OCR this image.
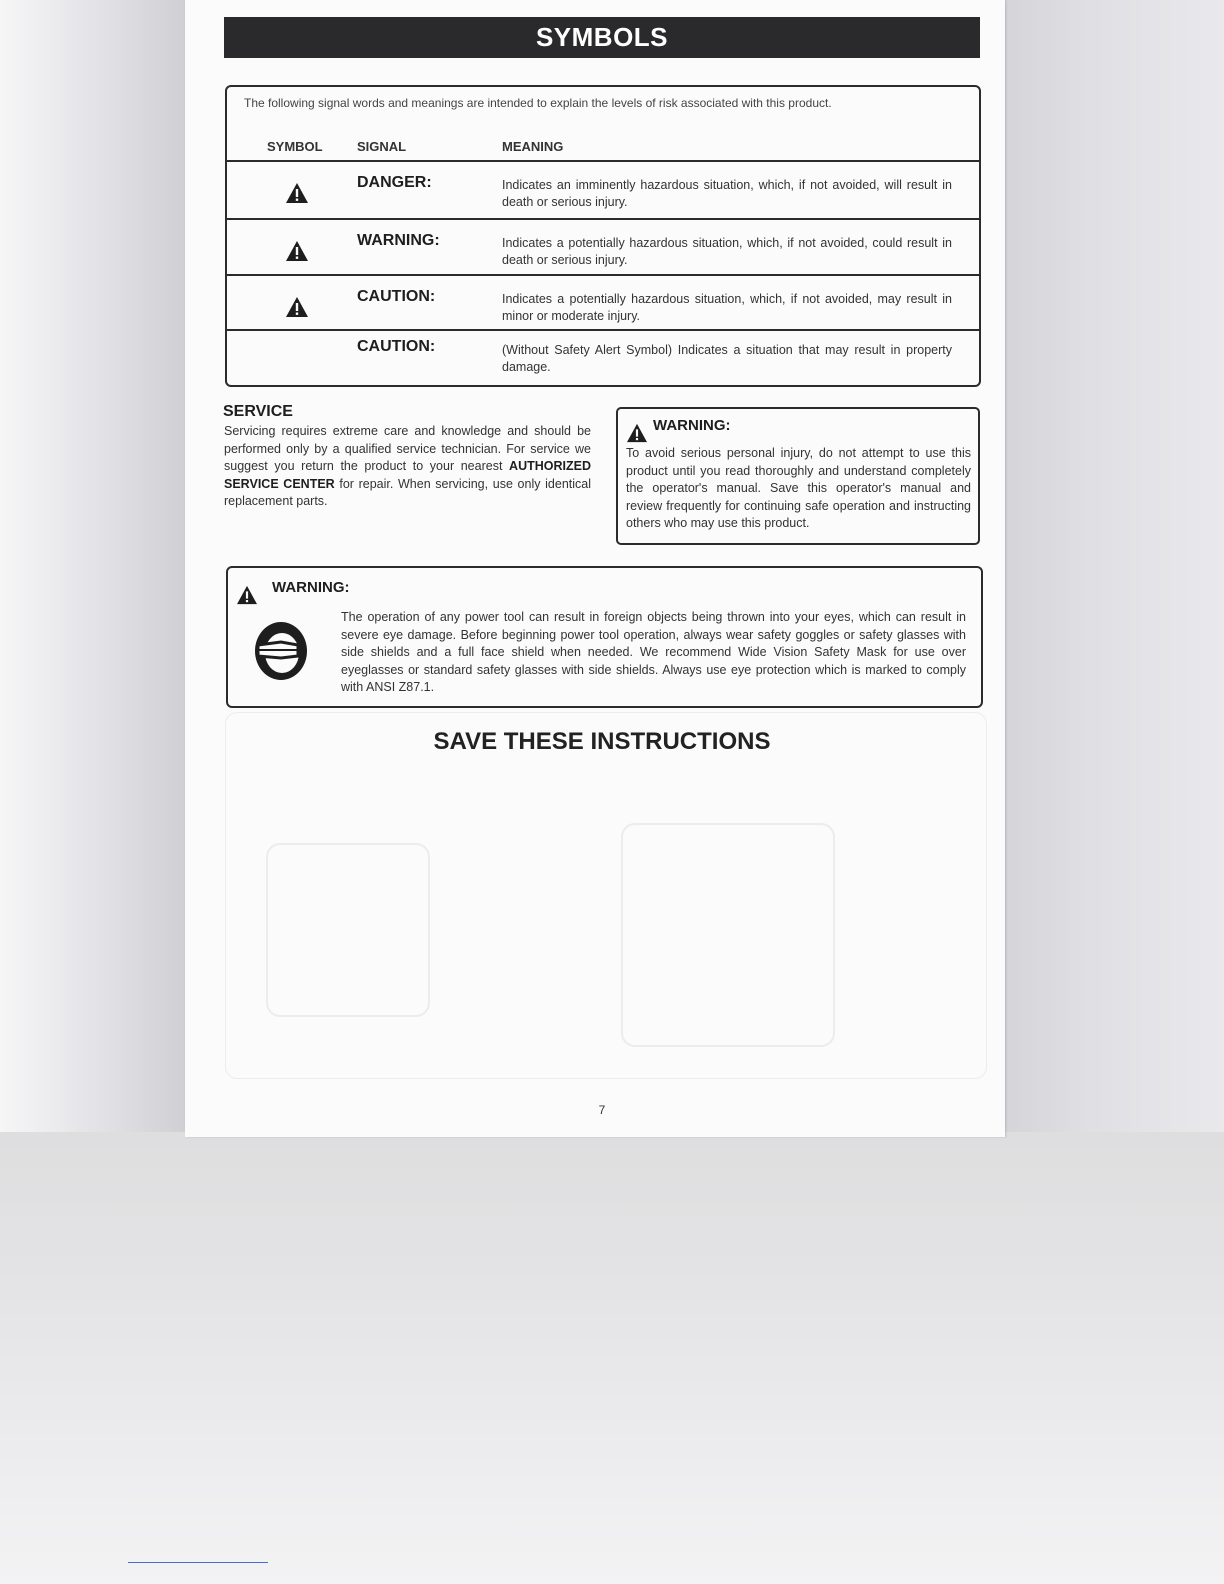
SYMBOLS
The following signal words and meanings are intended to explain the levels of risk associated with this product.
SYMBOL	SIGNAL	MEANING
DANGER:	Indicates an imminently hazardous situation, which, if not avoided, will result in death or serious injury.
WARNING:	Indicates a potentially hazardous situation, which, if not avoided, could result in death or serious injury.
CAUTION:	Indicates a potentially hazardous situation, which, if not avoided, may result in minor or moderate injury.
CAUTION:	(Without Safety Alert Symbol) Indicates a situation that may result in property damage.
SERVICE
Servicing requires extreme care and knowledge and should be performed only by a qualified service technician. For service we suggest you return the product to your nearest AUTHORIZED SERVICE CENTER for repair. When servicing, use only identical replacement parts.
WARNING:
To avoid serious personal injury, do not attempt to use this product until you read thoroughly and understand completely the operator's manual. Save this operator's manual and review frequently for continuing safe operation and instructing others who may use this product.
WARNING:
The operation of any power tool can result in foreign objects being thrown into your eyes, which can result in severe eye damage. Before beginning power tool operation, always wear safety goggles or safety glasses with side shields and a full face shield when needed. We recommend Wide Vision Safety Mask for use over eyeglasses or standard safety glasses with side shields. Always use eye protection which is marked to comply with ANSI Z87.1.
SAVE THESE INSTRUCTIONS
7
